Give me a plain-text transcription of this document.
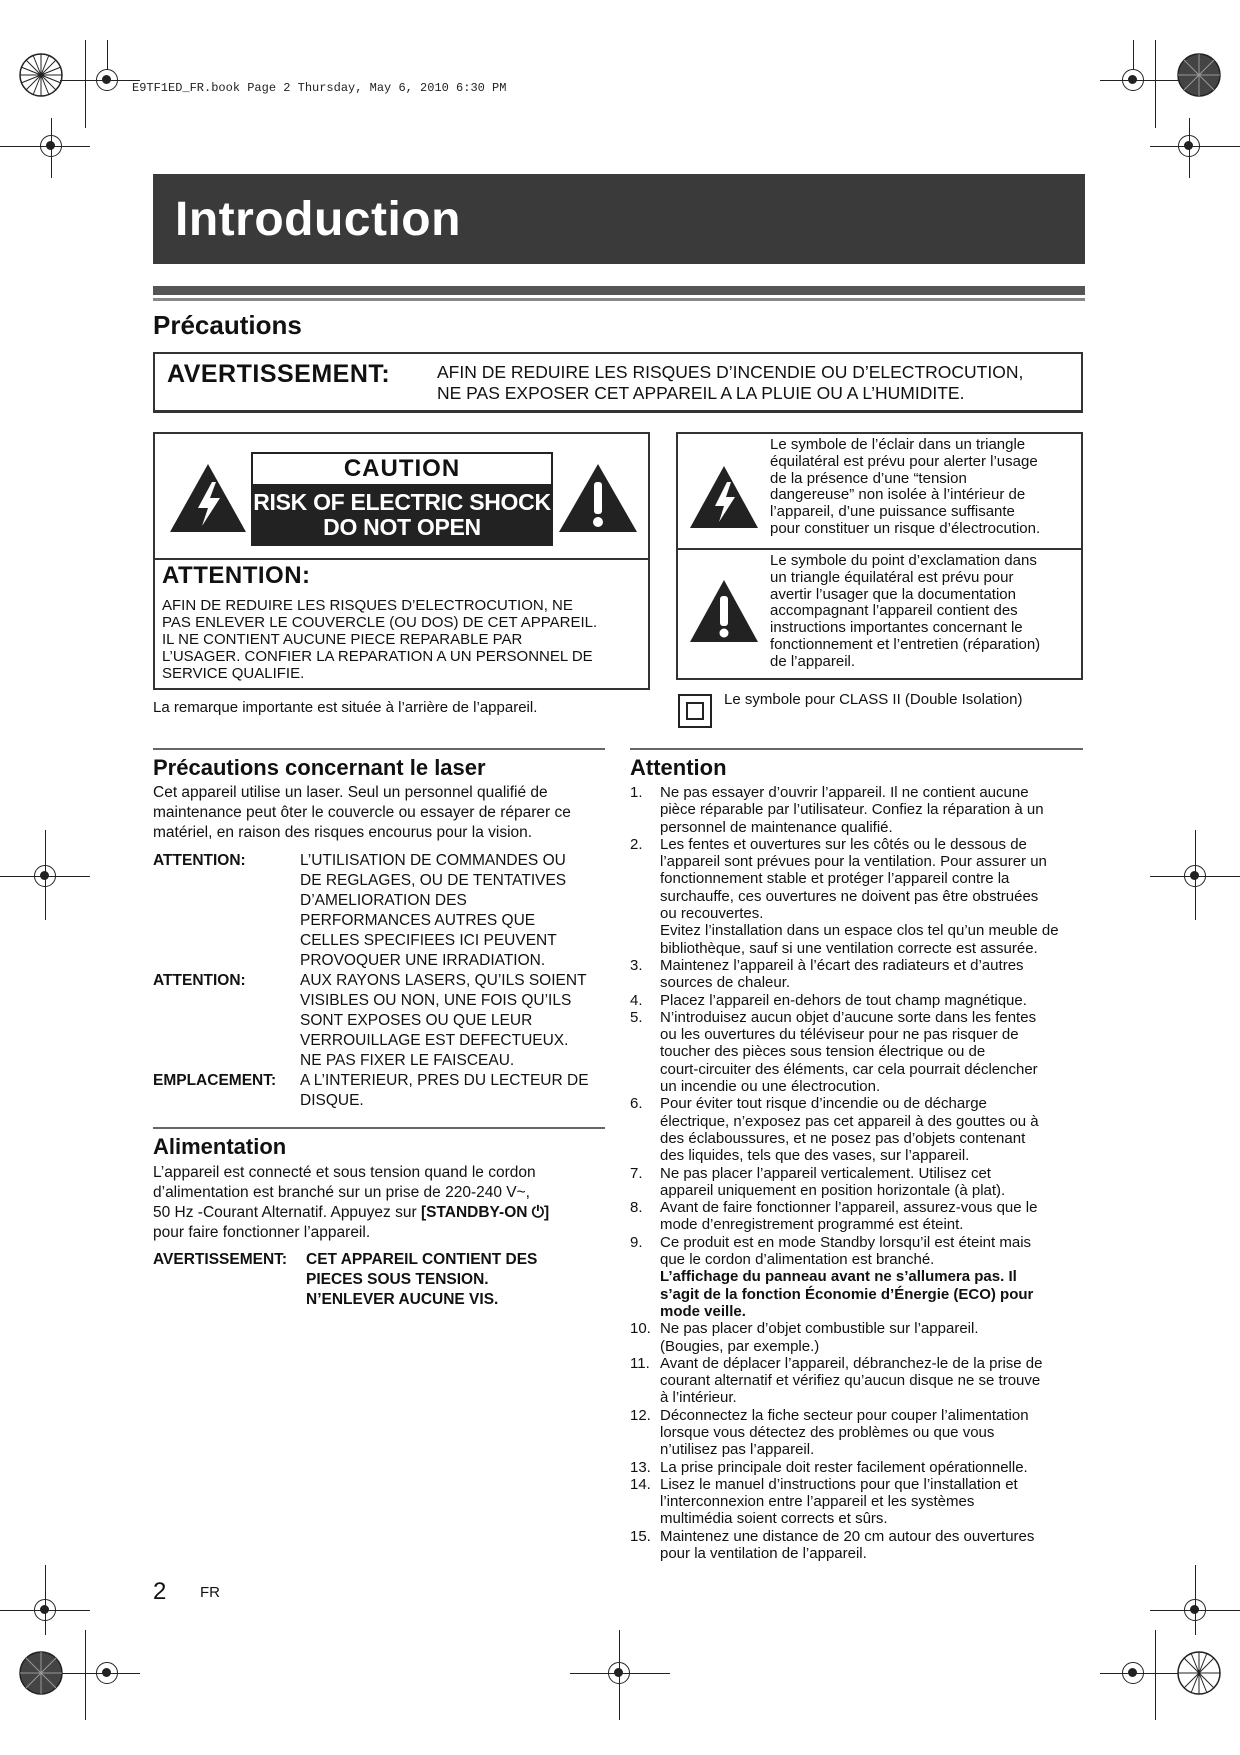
E9TF1ED_FR.book Page 2 Thursday, May 6, 2010 6:30 PM
Introduction
Précautions
AVERTISSEMENT:	AFIN DE REDUIRE LES RISQUES D’INCENDIE OU D’ELECTROCUTION,
NE PAS EXPOSER CET APPAREIL A LA PLUIE OU A L’HUMIDITE.
CAUTION
RISK OF ELECTRIC SHOCK
DO NOT OPEN
ATTENTION:
AFIN DE REDUIRE LES RISQUES D’ELECTROCUTION, NE
PAS ENLEVER LE COUVERCLE (OU DOS) DE CET APPAREIL.
IL NE CONTIENT AUCUNE PIECE REPARABLE PAR
L’USAGER. CONFIER LA REPARATION A UN PERSONNEL DE
SERVICE QUALIFIE.
La remarque importante est située à l’arrière de l’appareil.
Le symbole de l’éclair dans un triangle
équilatéral est prévu pour alerter l’usage
de la présence d’une “tension
dangereuse” non isolée à l’intérieur de
l’appareil, d’une puissance suffisante
pour constituer un risque d’électrocution.
Le symbole du point d’exclamation dans
un triangle équilatéral est prévu pour
avertir l’usager que la documentation
accompagnant l’appareil contient des
instructions importantes concernant le
fonctionnement et l’entretien (réparation)
de l’appareil.
Le symbole pour CLASS II (Double Isolation)
Précautions concernant le laser
Cet appareil utilise un laser. Seul un personnel qualifié de
maintenance peut ôter le couvercle ou essayer de réparer ce
matériel, en raison des risques encourus pour la vision.
ATTENTION:	L’UTILISATION DE COMMANDES OU
DE REGLAGES, OU DE TENTATIVES
D’AMELIORATION DES
PERFORMANCES AUTRES QUE
CELLES SPECIFIEES ICI PEUVENT
PROVOQUER UNE IRRADIATION.
ATTENTION:	AUX RAYONS LASERS, QU’ILS SOIENT
VISIBLES OU NON, UNE FOIS QU’ILS
SONT EXPOSES OU QUE LEUR
VERROUILLAGE EST DEFECTUEUX.
NE PAS FIXER LE FAISCEAU.
EMPLACEMENT:	A L’INTERIEUR, PRES DU LECTEUR DE
DISQUE.
Alimentation
L’appareil est connecté et sous tension quand le cordon
d’alimentation est branché sur un prise de 220-240 V~,
50 Hz -Courant Alternatif. Appuyez sur [STANDBY-ON ⏻]
pour faire fonctionner l’appareil.
AVERTISSEMENT:	CET APPAREIL CONTIENT DES
PIECES SOUS TENSION.
N’ENLEVER AUCUNE VIS.
Attention
1.	Ne pas essayer d’ouvrir l’appareil. Il ne contient aucune
pièce réparable par l’utilisateur. Confiez la réparation à un
personnel de maintenance qualifié.
2.	Les fentes et ouvertures sur les côtés ou le dessous de
l’appareil sont prévues pour la ventilation. Pour assurer un
fonctionnement stable et protéger l’appareil contre la
surchauffe, ces ouvertures ne doivent pas être obstruées
ou recouvertes.
Evitez l’installation dans un espace clos tel qu’un meuble de
bibliothèque, sauf si une ventilation correcte est assurée.
3.	Maintenez l’appareil à l’écart des radiateurs et d’autres
sources de chaleur.
4.	Placez l’appareil en-dehors de tout champ magnétique.
5.	N’introduisez aucun objet d’aucune sorte dans les fentes
ou les ouvertures du téléviseur pour ne pas risquer de
toucher des pièces sous tension électrique ou de
court-circuiter des éléments, car cela pourrait déclencher
un incendie ou une électrocution.
6.	Pour éviter tout risque d’incendie ou de décharge
électrique, n’exposez pas cet appareil à des gouttes ou à
des éclaboussures, et ne posez pas d’objets contenant
des liquides, tels que des vases, sur l’appareil.
7.	Ne pas placer l’appareil verticalement. Utilisez cet
appareil uniquement en position horizontale (à plat).
8.	Avant de faire fonctionner l’appareil, assurez-vous que le
mode d’enregistrement programmé est éteint.
9.	Ce produit est en mode Standby lorsqu’il est éteint mais
que le cordon d’alimentation est branché.
L’affichage du panneau avant ne s’allumera pas. Il
s’agit de la fonction Économie d’Énergie (ECO) pour
mode veille.
10. Ne pas placer d’objet combustible sur l’appareil.
(Bougies, par exemple.)
11. Avant de déplacer l’appareil, débranchez-le de la prise de
courant alternatif et vérifiez qu’aucun disque ne se trouve
à l’intérieur.
12. Déconnectez la fiche secteur pour couper l’alimentation
lorsque vous détectez des problèmes ou que vous
n’utilisez pas l’appareil.
13. La prise principale doit rester facilement opérationnelle.
14. Lisez le manuel d’instructions pour que l’installation et
l’interconnexion entre l’appareil et les systèmes
multimédia soient corrects et sûrs.
15. Maintenez une distance de 20 cm autour des ouvertures
pour la ventilation de l’appareil.
2 FR
